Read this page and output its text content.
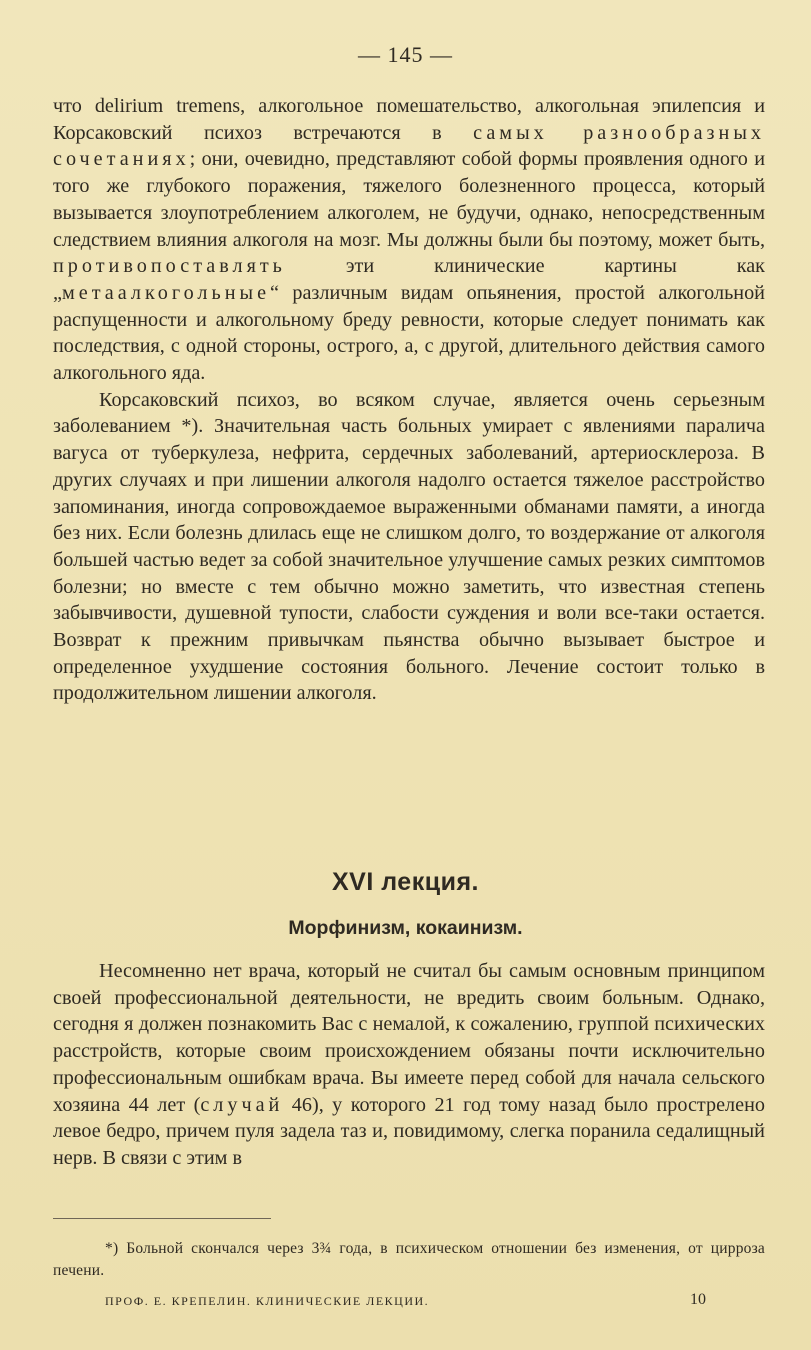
— 145 —

что delirium tremens, алкогольное помешательство, алкогольная эпилепсия и Корсаковский психоз встречаются в самых разнообразных сочетаниях; они, очевидно, представляют собой формы проявления одного и того же глубокого поражения, тяжелого болезненного процесса, который вызывается злоупотреблением алкоголем, не будучи, однако, непосредственным следствием влияния алкоголя на мозг. Мы должны были бы поэтому, может быть, противопоставлять эти клинические картины как „метаалкогольные“ различным видам опьянения, простой алкогольной распущенности и алкогольному бреду ревности, которые следует понимать как последствия, с одной стороны, острого, а, с другой, длительного действия самого алкогольного яда.

Корсаковский психоз, во всяком случае, является очень серьезным заболеванием *). Значительная часть больных умирает с явлениями паралича вагуса от туберкулеза, нефрита, сердечных заболеваний, артериосклероза. В других случаях и при лишении алкоголя надолго остается тяжелое расстройство запоминания, иногда сопровождаемое выраженными обманами памяти, а иногда без них. Если болезнь длилась еще не слишком долго, то воздержание от алкоголя большей частью ведет за собой значительное улучшение самых резких симптомов болезни; но вместе с тем обычно можно заметить, что известная степень забывчивости, душевной тупости, слабости суждения и воли все-таки остается. Возврат к прежним привычкам пьянства обычно вызывает быстрое и определенное ухудшение состояния больного. Лечение состоит только в продолжительном лишении алкоголя.

XVI лекция.
Морфинизм, кокаинизм.

Несомненно нет врача, который не считал бы самым основным принципом своей профессиональной деятельности, не вредить своим больным. Однако, сегодня я должен познакомить Вас с немалой, к сожалению, группой психических расстройств, которые своим происхождением обязаны почти исключительно профессиональным ошибкам врача. Вы имеете перед собой для начала сельского хозяина 44 лет (случай 46), у которого 21 год тому назад было прострелено левое бедро, причем пуля задела таз и, повидимому, слегка поранила седалищный нерв. В связи с этим в

*) Больной скончался через 3¾ года, в психическом отношении без изменения, от цирроза печени.
ПРОФ. Е. КРЕПЕЛИН. КЛИНИЧЕСКИЕ ЛЕКЦИИ.	10
